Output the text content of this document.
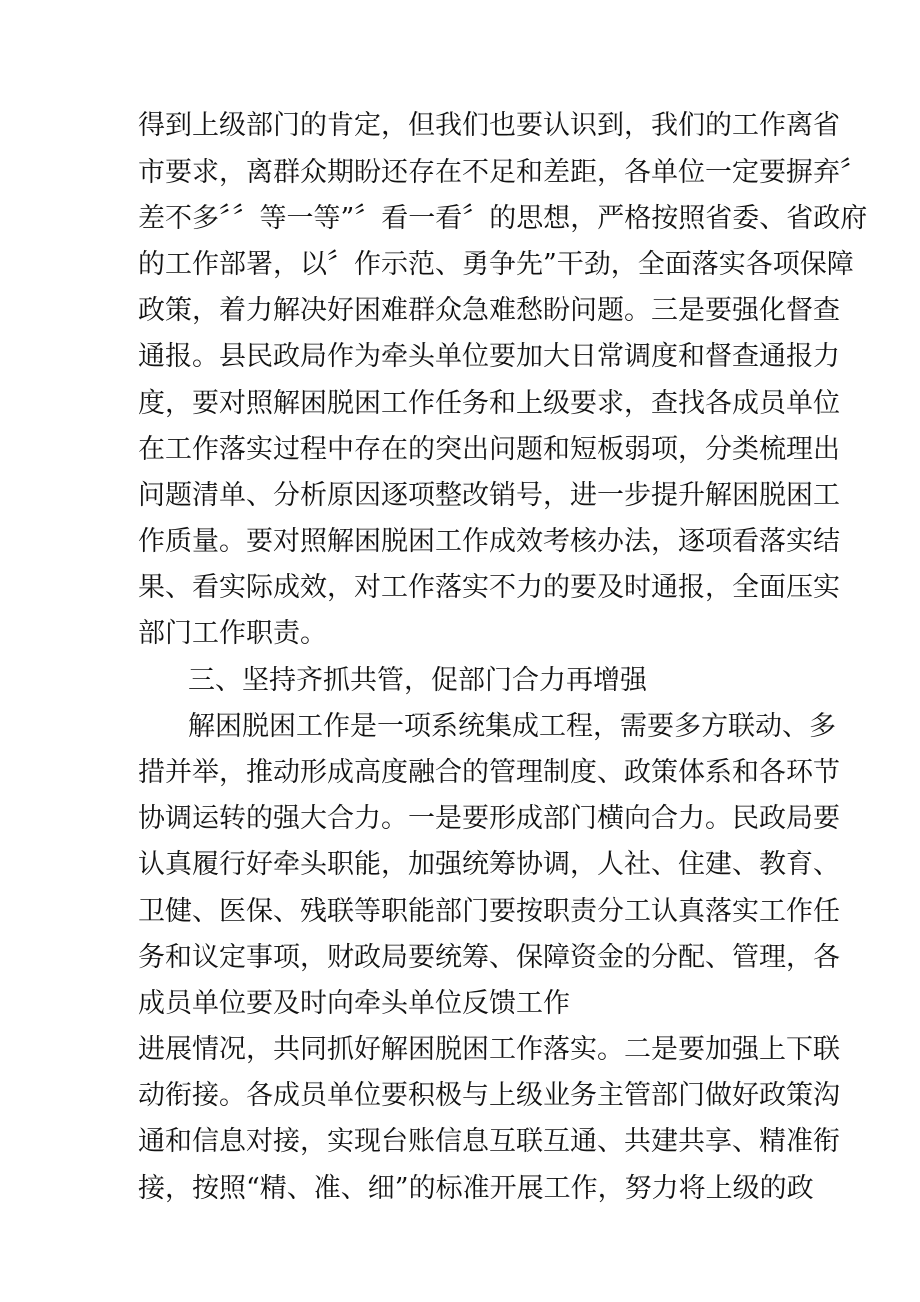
得到上级部门的肯定，但我们也要认识到，我们的工作离省
市要求，离群众期盼还存在不足和差距，各单位一定要摒弃〞
差不多〞〞等一等”〞看一看〞的思想，严格按照省委、省政府
的工作部署，以〞作示范、勇争先”干劲，全面落实各项保障
政策，着力解决好困难群众急难愁盼问题。三是要强化督查
通报。县民政局作为牵头单位要加大日常调度和督查通报力
度，要对照解困脱困工作任务和上级要求，查找各成员单位
在工作落实过程中存在的突出问题和短板弱项，分类梳理出
问题清单、分析原因逐项整改销号，进一步提升解困脱困工
作质量。要对照解困脱困工作成效考核办法，逐项看落实结
果、看实际成效，对工作落实不力的要及时通报，全面压实
部门工作职责。
三、坚持齐抓共管，促部门合力再增强
解困脱困工作是一项系统集成工程，需要多方联动、多
措并举，推动形成高度融合的管理制度、政策体系和各环节
协调运转的强大合力。一是要形成部门横向合力。民政局要
认真履行好牵头职能，加强统筹协调，人社、住建、教育、
卫健、医保、残联等职能部门要按职责分工认真落实工作任
务和议定事项，财政局要统筹、保障资金的分配、管理，各
成员单位要及时向牵头单位反馈工作
进展情况，共同抓好解困脱困工作落实。二是要加强上下联
动衔接。各成员单位要积极与上级业务主管部门做好政策沟
通和信息对接，实现台账信息互联互通、共建共享、精准衔
接，按照“精、准、细”的标准开展工作，努力将上级的政
